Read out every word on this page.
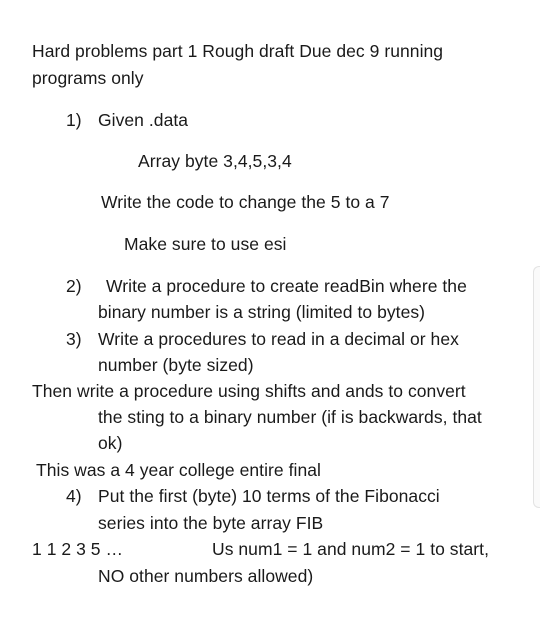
Hard problems part 1 Rough draft Due dec 9 running
programs only
1) Given .data
Array byte 3,4,5,3,4
Write the code to change the 5 to a 7
Make sure to use esi
2) Write a procedure to create readBin where the
binary number is a string (limited to bytes)
3) Write a procedures to read in a decimal or hex
number (byte sized)
Then write a procedure using shifts and ands to convert
the sting to a binary number (if is backwards, that
ok)
This was a 4 year college entire final
4) Put the first (byte) 10 terms of the Fibonacci
series into the byte array FIB
1 1 2 3 5 …	Us num1 = 1 and num2 = 1 to start,
NO other numbers allowed)
